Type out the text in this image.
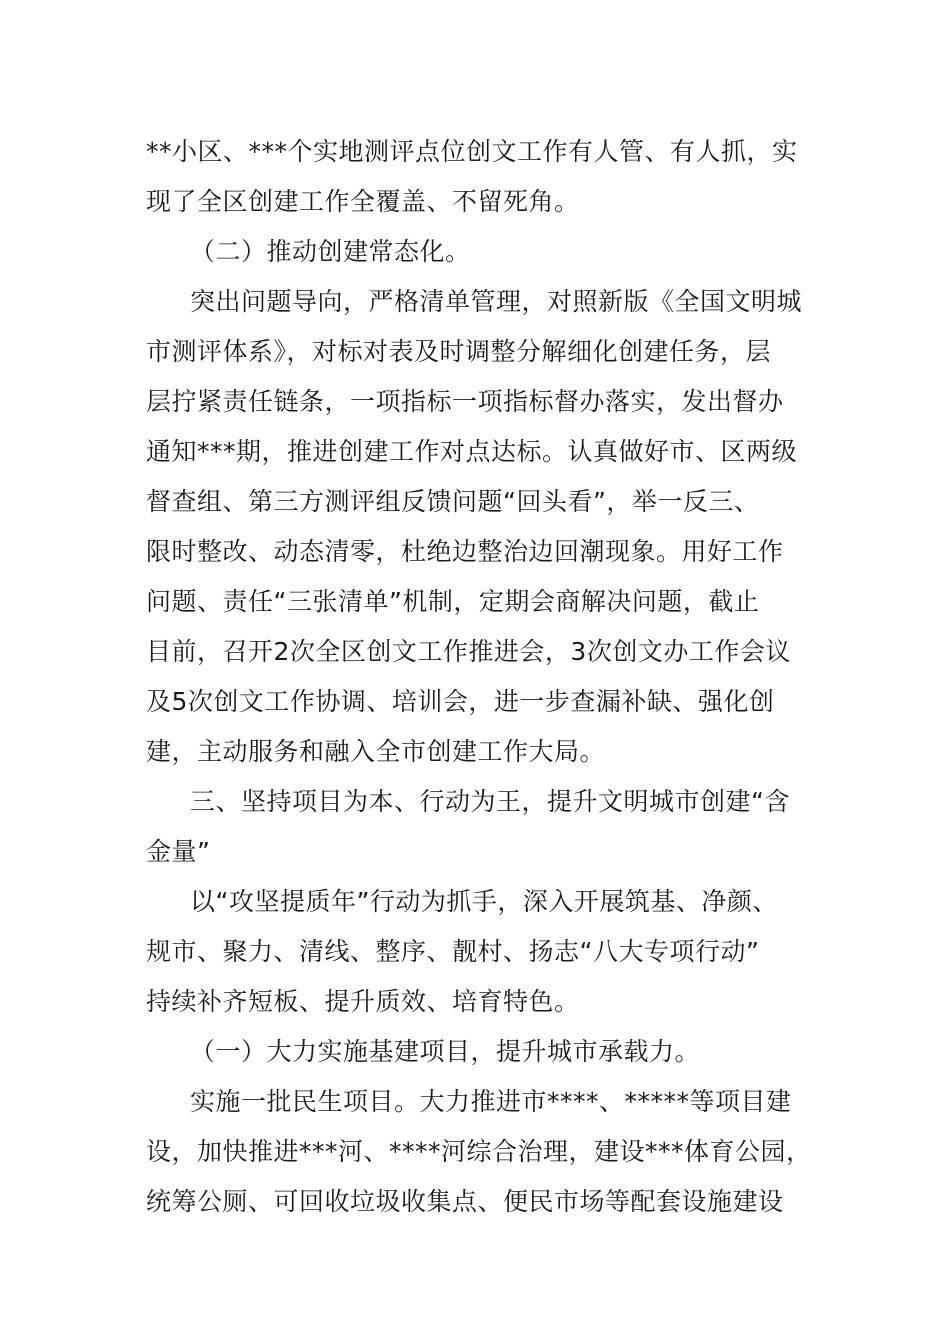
**小区、***个实地测评点位创文工作有人管、有人抓，实
现了全区创建工作全覆盖、不留死角。
（二）推动创建常态化。
突出问题导向，严格清单管理，对照新版《全国文明城
市测评体系》，对标对表及时调整分解细化创建任务，层
层拧紧责任链条，一项指标一项指标督办落实，发出督办
通知***期，推进创建工作对点达标。认真做好市、区两级
督查组、第三方测评组反馈问题“回头看”，举一反三、
限时整改、动态清零，杜绝边整治边回潮现象。用好工作
问题、责任“三张清单”机制，定期会商解决问题，截止
目前，召开2次全区创文工作推进会，3次创文办工作会议
及5次创文工作协调、培训会，进一步查漏补缺、强化创
建，主动服务和融入全市创建工作大局。
三、坚持项目为本、行动为王，提升文明城市创建“含
金量”
以“攻坚提质年”行动为抓手，深入开展筑基、净颜、
规市、聚力、清线、整序、靓村、扬志“八大专项行动”
持续补齐短板、提升质效、培育特色。
（一）大力实施基建项目，提升城市承载力。
实施一批民生项目。大力推进市****、*****等项目建
设，加快推进***河、****河综合治理，建设***体育公园，
统筹公厕、可回收垃圾收集点、便民市场等配套设施建设
